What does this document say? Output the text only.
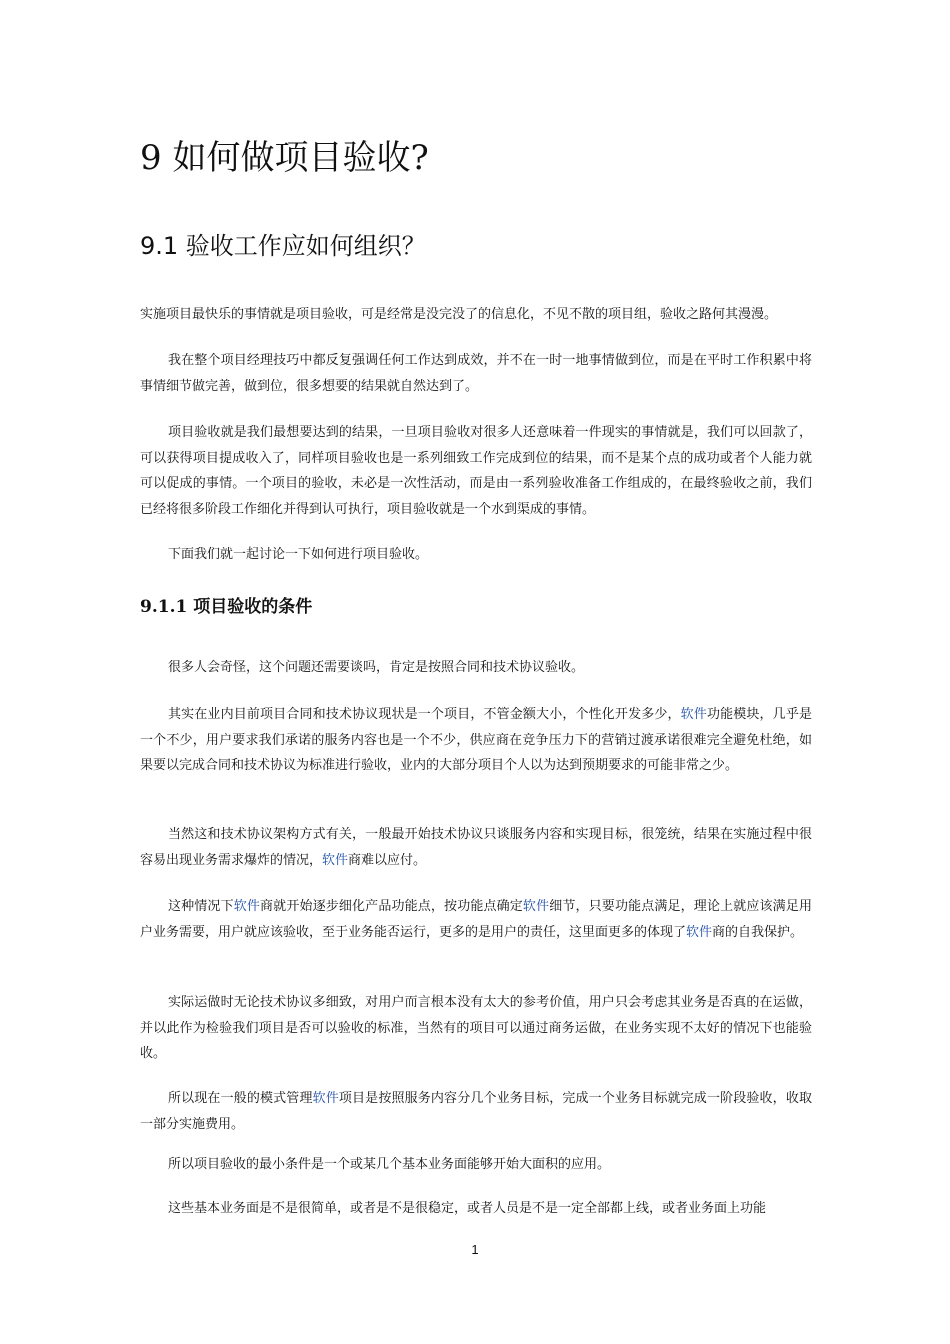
9 如何做项目验收?
9.1 验收工作应如何组织？

实施项目最快乐的事情就是项目验收，可是经常是没完没了的信息化，不见不散的项目组，验收之路何其漫漫。

我在整个项目经理技巧中都反复强调任何工作达到成效，并不在一时一地事情做到位，而是在平时工作积累中将事情细节做完善，做到位，很多想要的结果就自然达到了。

项目验收就是我们最想要达到的结果，一旦项目验收对很多人还意味着一件现实的事情就是，我们可以回款了，可以获得项目提成收入了，同样项目验收也是一系列细致工作完成到位的结果，而不是某个点的成功或者个人能力就可以促成的事情。一个项目的验收，未必是一次性活动，而是由一系列验收准备工作组成的，在最终验收之前，我们已经将很多阶段工作细化并得到认可执行，项目验收就是一个水到渠成的事情。

下面我们就一起讨论一下如何进行项目验收。

9.1.1 项目验收的条件

很多人会奇怪，这个问题还需要谈吗，肯定是按照合同和技术协议验收。

其实在业内目前项目合同和技术协议现状是一个项目，不管金额大小，个性化开发多少，软件功能模块，几乎是一个不少，用户要求我们承诺的服务内容也是一个不少，供应商在竞争压力下的营销过渡承诺很难完全避免杜绝，如果要以完成合同和技术协议为标准进行验收，业内的大部分项目个人以为达到预期要求的可能非常之少。

当然这和技术协议架构方式有关，一般最开始技术协议只谈服务内容和实现目标，很笼统，结果在实施过程中很容易出现业务需求爆炸的情况，软件商难以应付。

这种情况下软件商就开始逐步细化产品功能点，按功能点确定软件细节，只要功能点满足，理论上就应该满足用户业务需要，用户就应该验收，至于业务能否运行，更多的是用户的责任，这里面更多的体现了软件商的自我保护。

实际运做时无论技术协议多细致，对用户而言根本没有太大的参考价值，用户只会考虑其业务是否真的在运做，并以此作为检验我们项目是否可以验收的标准，当然有的项目可以通过商务运做，在业务实现不太好的情况下也能验收。

所以现在一般的模式管理软件项目是按照服务内容分几个业务目标，完成一个业务目标就完成一阶段验收，收取一部分实施费用。

所以项目验收的最小条件是一个或某几个基本业务面能够开始大面积的应用。

这些基本业务面是不是很简单，或者是不是很稳定，或者人员是不是一定全部都上线，或者业务面上功能

1
